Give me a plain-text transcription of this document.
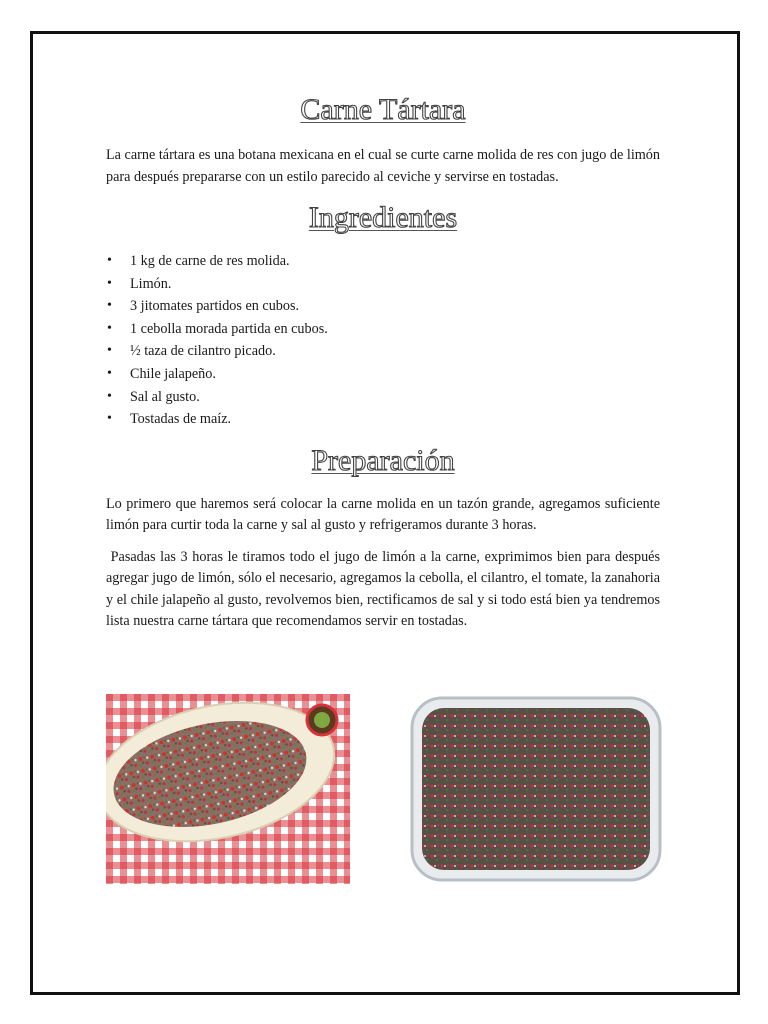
Carne Tártara

La carne tártara es una botana mexicana en el cual se curte carne molida de res con jugo de limón para después prepararse con un estilo parecido al ceviche y servirse en tostadas.

Ingredientes
• 1 kg de carne de res molida.
• Limón.
• 3 jitomates partidos en cubos.
• 1 cebolla morada partida en cubos.
• ½ taza de cilantro picado.
• Chile jalapeño.
• Sal al gusto.
• Tostadas de maíz.
Preparación

Lo primero que haremos será colocar la carne molida en un tazón grande, agregamos suficiente limón para curtir toda la carne y sal al gusto y refrigeramos durante 3 horas.

Pasadas las 3 horas le tiramos todo el jugo de limón a la carne, exprimimos bien para después agregar jugo de limón, sólo el necesario, agregamos la cebolla, el cilantro, el tomate, la zanahoria y el chile jalapeño al gusto, revolvemos bien, rectificamos de sal y si todo está bien ya tendremos lista nuestra carne tártara que recomendamos servir en tostadas.
